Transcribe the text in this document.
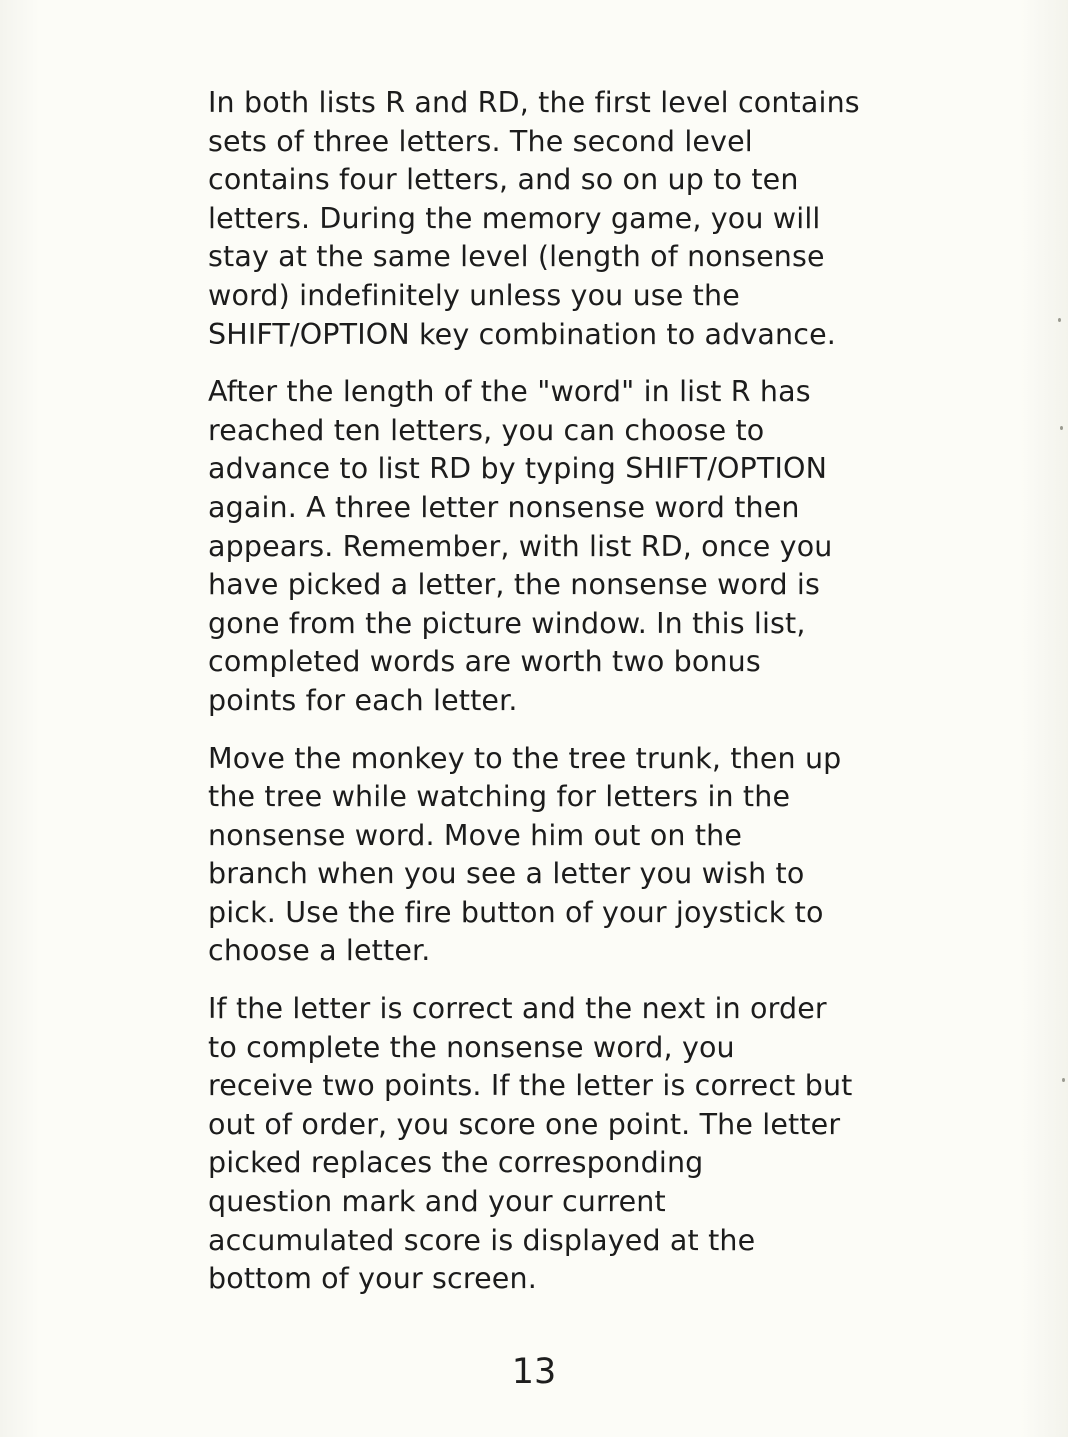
In both lists R and RD, the first level contains
sets of three letters. The second level
contains four letters, and so on up to ten
letters. During the memory game, you will
stay at the same level (length of nonsense
word) indefinitely unless you use the
SHIFT/OPTION key combination to advance.

After the length of the "word" in list R has
reached ten letters, you can choose to
advance to list RD by typing SHIFT/OPTION
again. A three letter nonsense word then
appears. Remember, with list RD, once you
have picked a letter, the nonsense word is
gone from the picture window. In this list,
completed words are worth two bonus
points for each letter.

Move the monkey to the tree trunk, then up
the tree while watching for letters in the
nonsense word. Move him out on the
branch when you see a letter you wish to
pick. Use the fire button of your joystick to
choose a letter.

If the letter is correct and the next in order
to complete the nonsense word, you
receive two points. If the letter is correct but
out of order, you score one point. The letter
picked replaces the corresponding
question mark and your current
accumulated score is displayed at the
bottom of your screen.

13
